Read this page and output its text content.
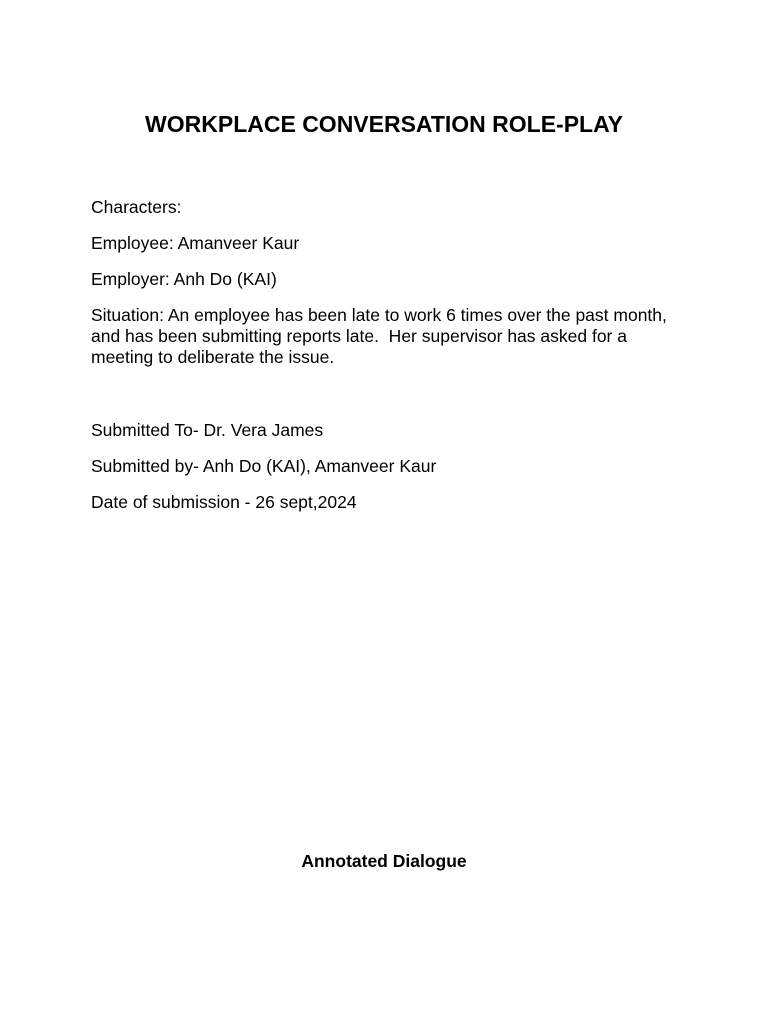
WORKPLACE CONVERSATION ROLE-PLAY

Characters:

Employee: Amanveer Kaur

Employer: Anh Do (KAI)

Situation: An employee has been late to work 6 times over the past month, and has been submitting reports late.  Her supervisor has asked for a meeting to deliberate the issue.

Submitted To- Dr. Vera James

Submitted by- Anh Do (KAI), Amanveer Kaur

Date of submission - 26 sept,2024

Annotated Dialogue
